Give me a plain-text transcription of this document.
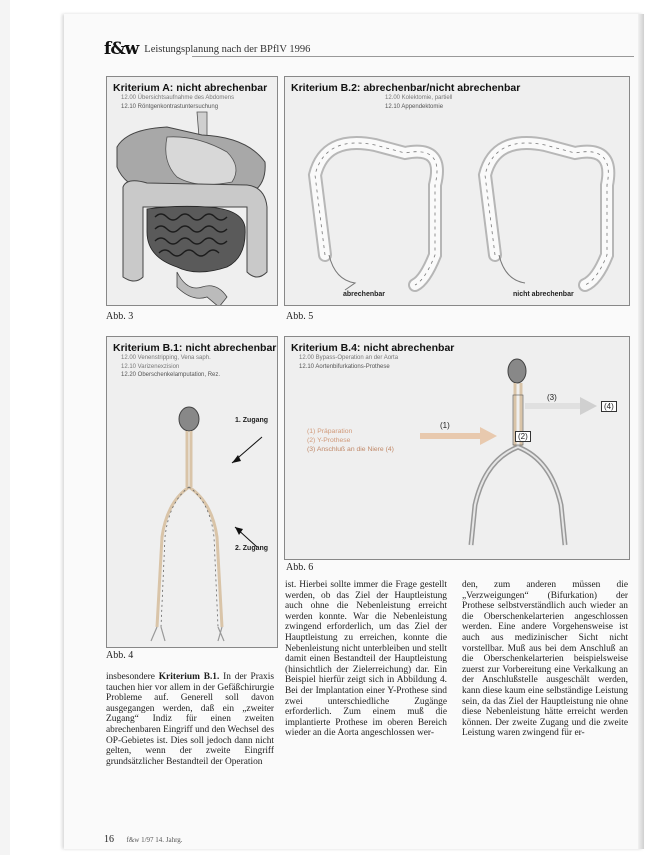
f&w Leistungsplanung nach der BPflV 1996
Kriterium A: nicht abrechenbar
12.00 Übersichtsaufnahme des Abdomens
12.10 Röntgenkontrastuntersuchung
Abb. 3
Kriterium B.2: abrechenbar/nicht abrechenbar
12.00 Kolektomie, partiell
12.10 Appendektomie
abrechenbar	nicht abrechenbar
Abb. 5
Kriterium B.1: nicht abrechenbar
12.00 Venenstripping, Vena saph.
12.10 Varizenexzision
12.20 Oberschenkelamputation, Rez.
1. Zugang
2. Zugang
Abb. 4
Kriterium B.4: nicht abrechenbar
12.00 Bypass-Operation an der Aorta
12.10 Aortenbifurkations-Prothese
(1) Präparation
(2) Y-Prothese
(3) Anschluß an die Niere (4)
(1)
(2)
(3)
(4)
Abb. 6
insbesondere Kriterium B.1. In der Praxis tauchen hier vor allem in der Gefäßchirurgie Probleme auf. Generell soll davon ausgegangen werden, daß ein „zweiter Zugang“ Indiz für einen zweiten abrechenbaren Eingriff und den Wechsel des OP-Gebietes ist. Dies soll jedoch dann nicht gelten, wenn der zweite Eingriff grundsätzlicher Bestandteil der Operation
ist. Hierbei sollte immer die Frage gestellt werden, ob das Ziel der Hauptleistung auch ohne die Nebenleistung erreicht werden konnte. War die Nebenleistung zwingend erforderlich, um das Ziel der Hauptleistung zu erreichen, konnte die Nebenleistung nicht unterbleiben und stellt damit einen Bestandteil der Hauptleistung (hinsichtlich der Zielerreichung) dar. Ein Beispiel hierfür zeigt sich in Abbildung 4. Bei der Implantation einer Y-Prothese sind zwei unterschiedliche Zugänge erforderlich. Zum einem muß die implantierte Prothese im oberen Bereich wieder an die Aorta angeschlossen wer-
den, zum anderen müssen die „Verzweigungen“ (Bifurkation) der Prothese selbstverständlich auch wieder an die Oberschenkelarterien angeschlossen werden. Eine andere Vorgehensweise ist auch aus medizinischer Sicht nicht vorstellbar. Muß aus bei dem Anschluß an die Oberschenkelarterien beispielsweise zuerst zur Vorbereitung eine Verkalkung an der Anschlußstelle ausgeschält werden, kann diese kaum eine selbständige Leistung sein, da das Ziel der Hauptleistung nie ohne diese Nebenleistung hätte erreicht werden können. Der zweite Zugang und die zweite Leistung waren zwingend für er-
16 f&w 1/97 14. Jahrg.
